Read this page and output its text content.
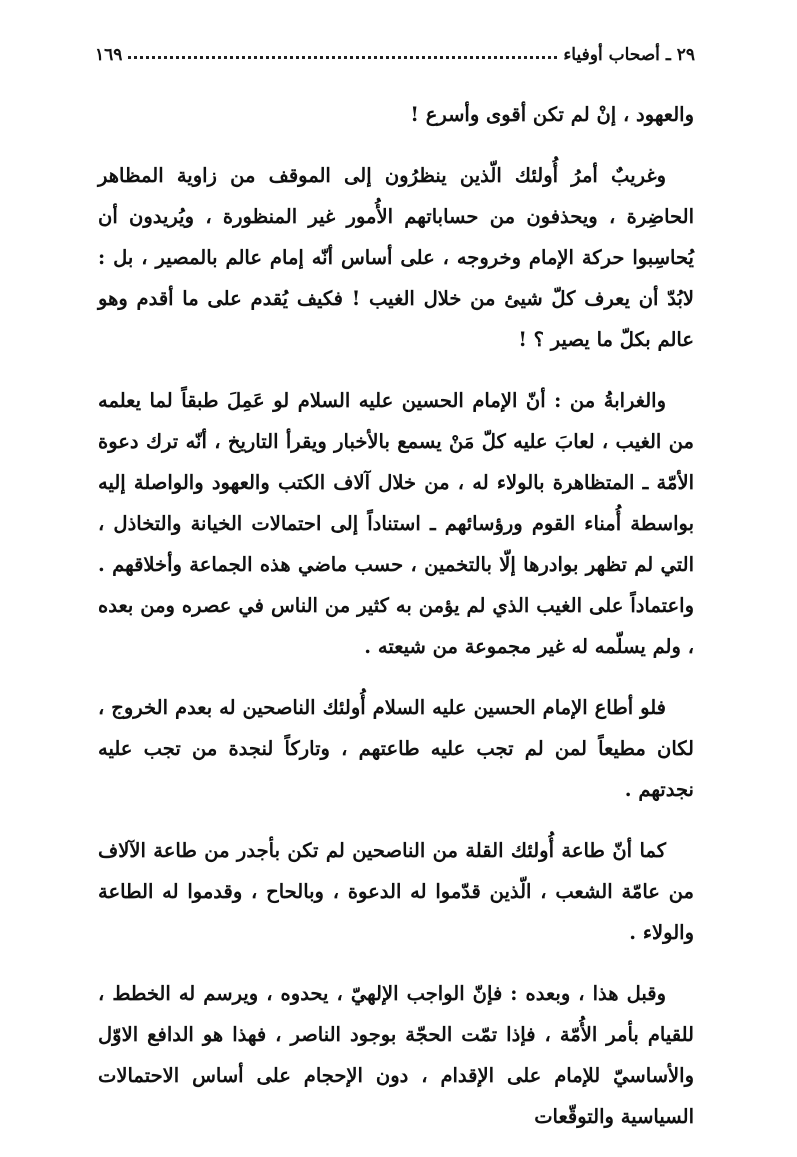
٢٩ ـ أصحاب أوفياء
١٦٩

والعهود ، إنْ لم تكن أقوى وأسرع !

وغريبٌ أمرُ أُولئك الّذين ينظرُون إلى الموقف من زاوية المظاهر الحاضِرة ، ويحذفون من حساباتهم الأُمور غير المنظورة ، ويُريدون أن يُحاسِبوا حركة الإمام وخروجه ، على أساس أنّه إمام عالم بالمصير ، بل : لابُدّ أن يعرف كلّ شيئ من خلال الغيب ! فكيف يُقدم على ما أقدم وهو عالم بكلّ ما يصير ؟ !

والغرابةُ من : أنّ الإمام الحسين عليه السلام لو عَمِلَ طبقاً لما يعلمه من الغيب ، لعابَ عليه كلّ مَنْ يسمع بالأخبار ويقرأ التاريخ ، أنّه ترك دعوة الأمّة ـ المتظاهرة بالولاء له ، من خلال آلاف الكتب والعهود والواصلة إليه بواسطة أُمناء القوم ورؤسائهم ـ استناداً إلى احتمالات الخيانة والتخاذل ، التي لم تظهر بوادرها إلّا بالتخمين ، حسب ماضي هذه الجماعة وأخلاقهم . واعتماداً على الغيب الذي لم يؤمن به كثير من الناس في عصره ومن بعده ، ولم يسلّمه له غير مجموعة من شيعته .

فلو أطاع الإمام الحسين عليه السلام أُولئك الناصحين له بعدم الخروج ، لكان مطيعاً لمن لم تجب عليه طاعتهم ، وتاركاً لنجدة من تجب عليه نجدتهم .

كما أنّ طاعة أُولئك القلة من الناصحين لم تكن بأجدر من طاعة الآلاف من عامّة الشعب ، الّذين قدّموا له الدعوة ، وبالحاح ، وقدموا له الطاعة والولاء .

وقبل هذا ، وبعده : فإنّ الواجب الإلهيّ ، يحدوه ، ويرسم له الخطط ، للقيام بأمر الأُمّة ، فإذا تمّت الحجّة بوجود الناصر ، فهذا هو الدافع الاوّل والأساسيّ للإمام على الإقدام ، دون الإحجام على أساس الاحتمالات السياسية والتوقّعات
